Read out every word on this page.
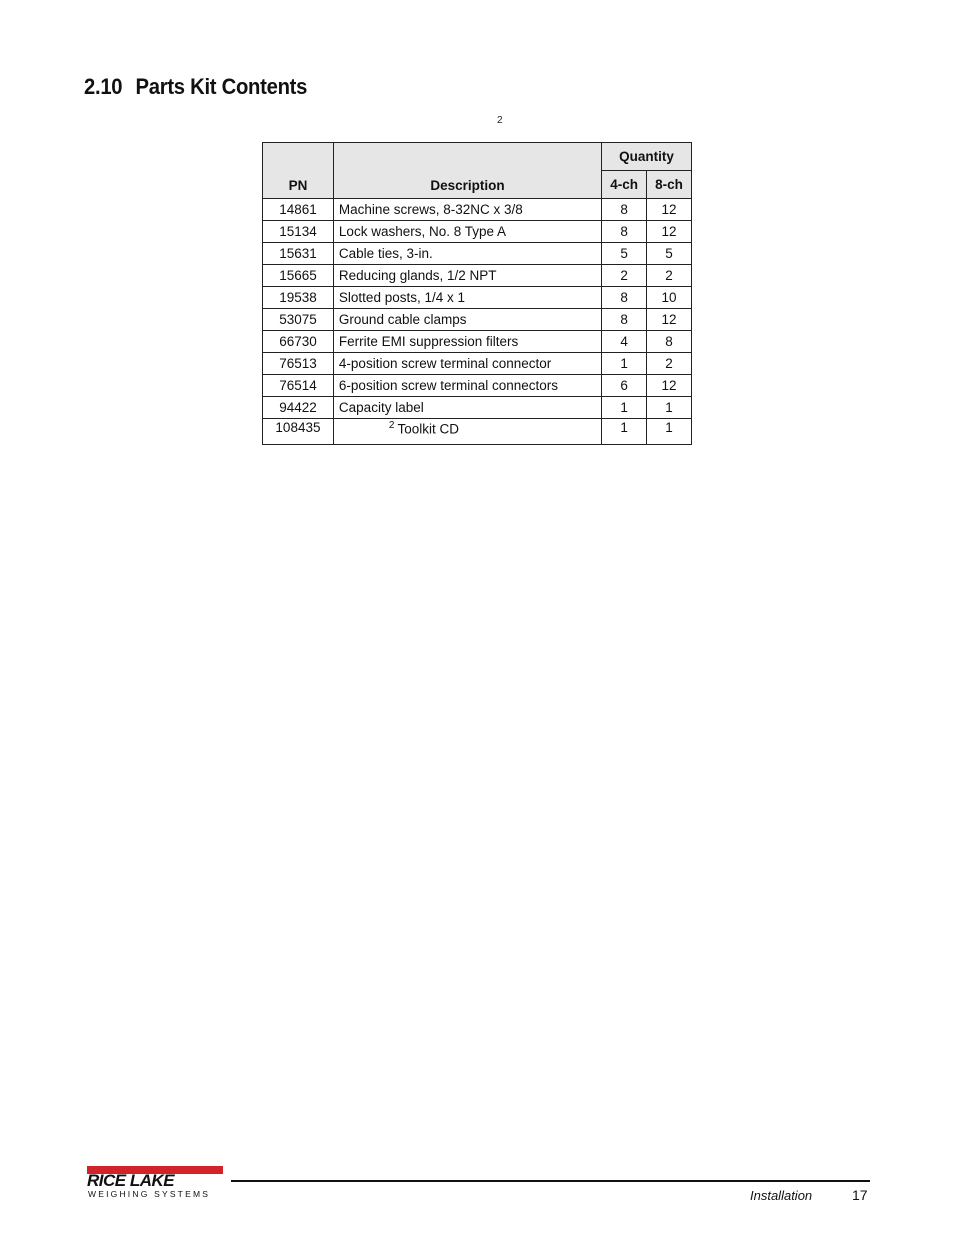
2.10 Parts Kit Contents
2
PN	Description	Quantity	
		4-ch	8-ch
14861	Machine screws, 8-32NC x 3/8	8	12
15134	Lock washers, No. 8 Type A	8	12
15631	Cable ties, 3-in.	5	5
15665	Reducing glands, 1/2 NPT	2	2
19538	Slotted posts, 1/4 x 1	8	10
53075	Ground cable clamps	8	12
66730	Ferrite EMI suppression filters	4	8
76513	4-position screw terminal connector	1	2
76514	6-position screw terminal connectors	6	12
94422	Capacity label	1	1
108435	$^2$ Toolkit CD	1	1
RICE LAKE
WEIGHING SYSTEMS	Installation	17
